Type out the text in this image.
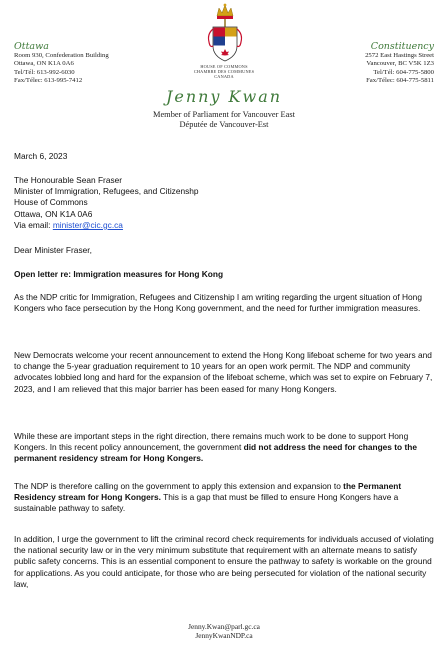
HOUSE OF COMMONS
CHAMBRE DES COMMUNES
CANADA
Ottawa
Room 930, Confederation Building
Ottawa, ON K1A 0A6
Tel/Tél: 613-992-6030
Fax/Télec: 613-995-7412
Constituency
2572 East Hastings Street
Vancouver, BC V5K 1Z3
Tel/Tél: 604-775-5800
Fax/Télec: 604-775-5811
Jenny Kwan
Member of Parliament for Vancouver East
Députée de Vancouver-Est
March 6, 2023
The Honourable Sean Fraser
Minister of Immigration, Refugees, and Citizenshp
House of Commons
Ottawa, ON K1A 0A6
Via email: minister@cic.gc.ca
Dear Minister Fraser,
Open letter re: Immigration measures for Hong Kong

As the NDP critic for Immigration, Refugees and Citizenship I am writing regarding the urgent situation of Hong Kongers who face persecution by the Hong Kong government, and the need for further immigration measures.

New Democrats welcome your recent announcement to extend the Hong Kong lifeboat scheme for two years and to change the 5-year graduation requirement to 10 years for an open work permit. The NDP and community advocates lobbied long and hard for the expansion of the lifeboat scheme, which was set to expire on February 7, 2023, and I am relieved that this major barrier has been eased for many Hong Kongers.

While these are important steps in the right direction, there remains much work to be done to support Hong Kongers. In this recent policy announcement, the government did not address the need for changes to the permanent residency stream for Hong Kongers.

The NDP is therefore calling on the government to apply this extension and expansion to the Permanent Residency stream for Hong Kongers. This is a gap that must be filled to ensure Hong Kongers have a sustainable pathway to safety.

In addition, I urge the government to lift the criminal record check requirements for individuals accused of violating the national security law or in the very minimum substitute that requirement with an alternate means to satisfy public safety concerns. This is an essential component to ensure the pathway to safety is workable on the ground for applications. As you could anticipate, for those who are being persecuted for violation of the national security law,

Jenny.Kwan@parl.gc.ca
JennyKwanNDP.ca
